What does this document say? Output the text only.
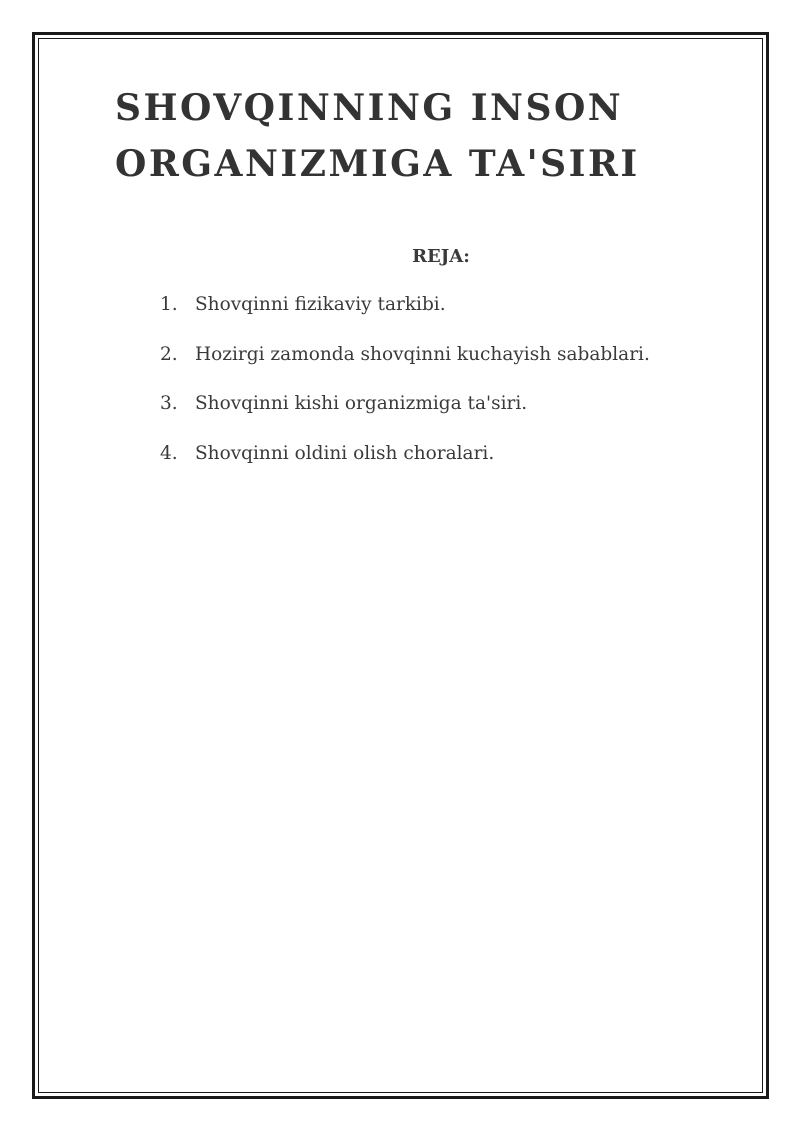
SHOVQINNING INSON
ORGANIZMIGA TA'SIRI
REJA:
1. Shovqinni fizikaviy tarkibi.
2. Hozirgi zamonda shovqinni kuchayish sabablari.
3. Shovqinni kishi organizmiga ta'siri.
4. Shovqinni oldini olish choralari.
